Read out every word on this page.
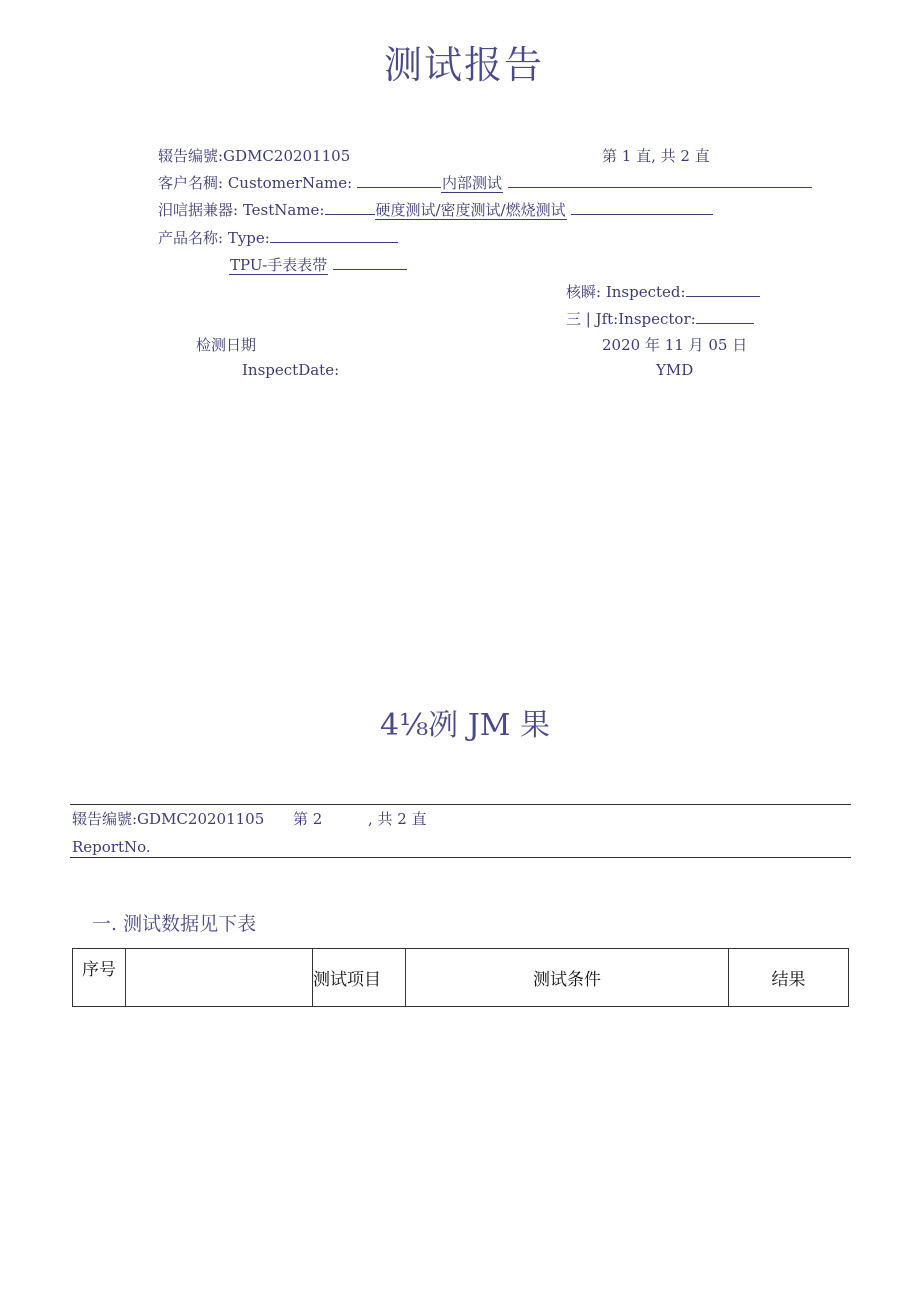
测试报告
辍告编號:GDMC20201105	第 1 直, 共 2 直
客户名稠: CustomerName:	内部测试
汨唁据兼器: TestName:	硬度测试/密度测试/燃烧测试
产品名称: Type:
TPU-手表表带
核瞬: Inspected:
三 | Jft:Inspector:
检测日期	2020 年 11 月 05 日
InspectDate:	YMD
4⅛冽 JM 果
辍告编號:GDMC20201105 第 2	, 共 2 直
ReportNo.
一. 测试数据见下表
序号		测试项目	测试条件	结果
